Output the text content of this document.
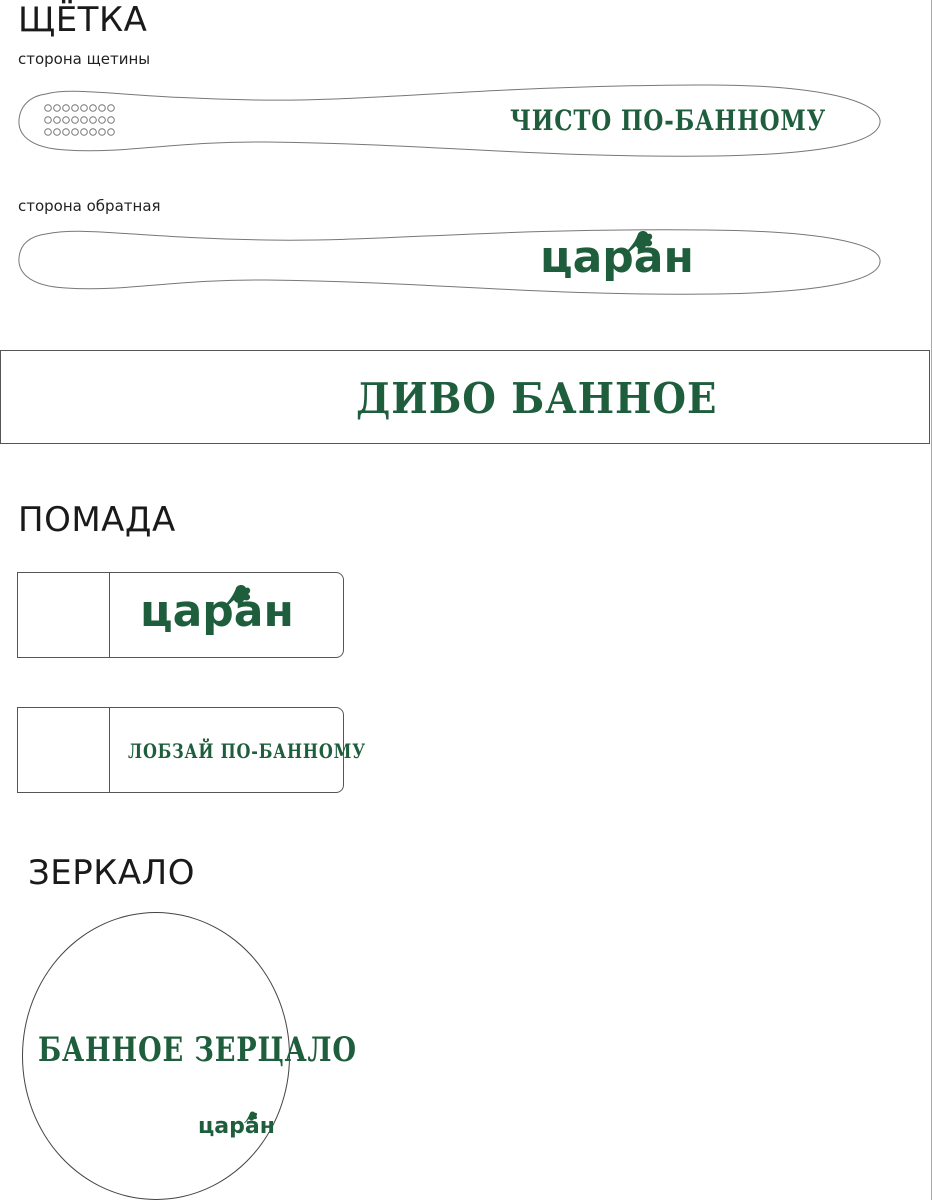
ЩЁТКА
сторона щетины
ЧИСТО ПО-БАННОМУ
сторона обратная
царан
ДИВО БАННОЕ
ПОМАДА
царан
ЛОБЗАЙ ПО-БАННОМУ
ЗЕРКАЛО
БАННОЕ ЗЕРЦАЛО
царан
